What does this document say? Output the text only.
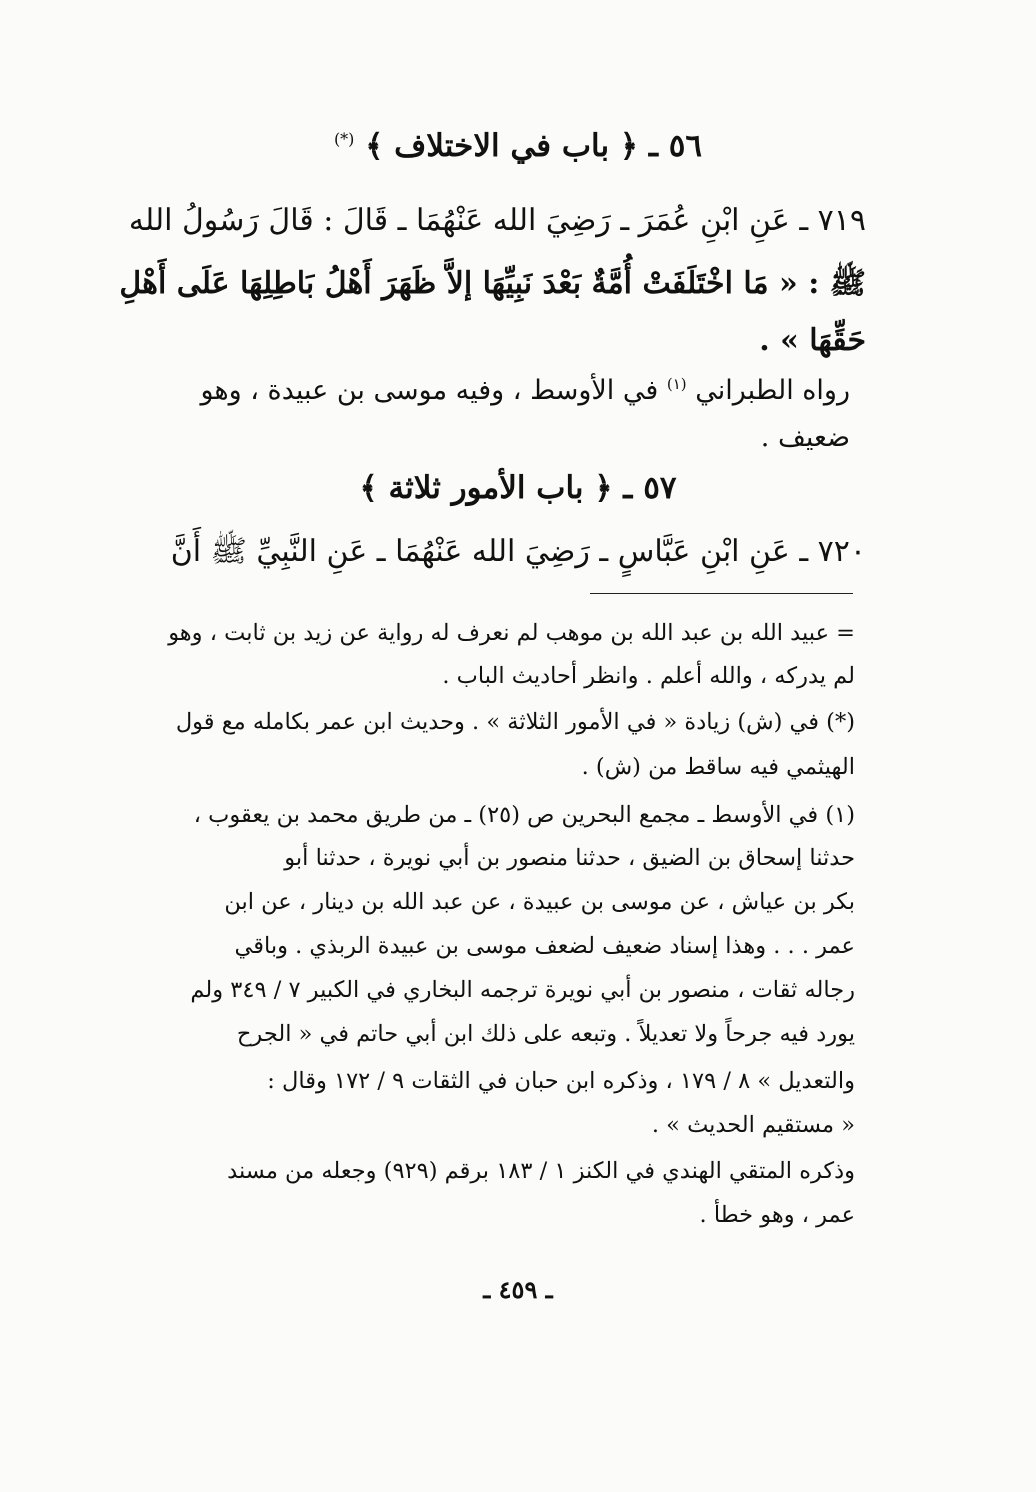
٥٦ ـ ﴿ باب في الاختلاف ﴾ (*)
٧١٩ ـ عَنِ ابْنِ عُمَرَ ـ رَضِيَ الله عَنْهُمَا ـ قَالَ : قَالَ رَسُولُ الله
ﷺ : « مَا اخْتَلَفَتْ أُمَّةٌ بَعْدَ نَبِيِّهَا إلاَّ ظَهَرَ أَهْلُ بَاطِلِهَا عَلَى أَهْلِ
حَقِّهَا » .
رواه الطبراني $^{(١)}$ في الأوسط ، وفيه موسى بن عبيدة ، وهو
ضعيف .
٥٧ ـ ﴿ باب الأمور ثلاثة ﴾
٧٢٠ ـ عَنِ ابْنِ عَبَّاسٍ ـ رَضِيَ الله عَنْهُمَا ـ عَنِ النَّبِيِّ ﷺ أَنَّ
= عبيد الله بن عبد الله بن موهب لم نعرف له رواية عن زيد بن ثابت ، وهو
لم يدركه ، والله أعلم . وانظر أحاديث الباب .
(*) في (ش) زيادة « في الأمور الثلاثة » . وحديث ابن عمر بكامله مع قول
الهيثمي فيه ساقط من (ش) .
(١) في الأوسط ـ مجمع البحرين ص (٢٥) ـ من طريق محمد بن يعقوب ،
حدثنا إسحاق بن الضيق ، حدثنا منصور بن أبي نويرة ، حدثنا أبو
بكر بن عياش ، عن موسى بن عبيدة ، عن عبد الله بن دينار ، عن ابن
عمر . . . وهذا إسناد ضعيف لضعف موسى بن عبيدة الربذي . وباقي
رجاله ثقات ، منصور بن أبي نويرة ترجمه البخاري في الكبير ٧ / ٣٤٩ ولم
يورد فيه جرحاً ولا تعديلاً . وتبعه على ذلك ابن أبي حاتم في « الجرح
والتعديل » ٨ / ١٧٩ ، وذكره ابن حبان في الثقات ٩ / ١٧٢ وقال :
« مستقيم الحديث » .
وذكره المتقي الهندي في الكنز ١ / ١٨٣ برقم (٩٢٩) وجعله من مسند
عمر ، وهو خطأ .
ـ ٤٥٩ ـ
